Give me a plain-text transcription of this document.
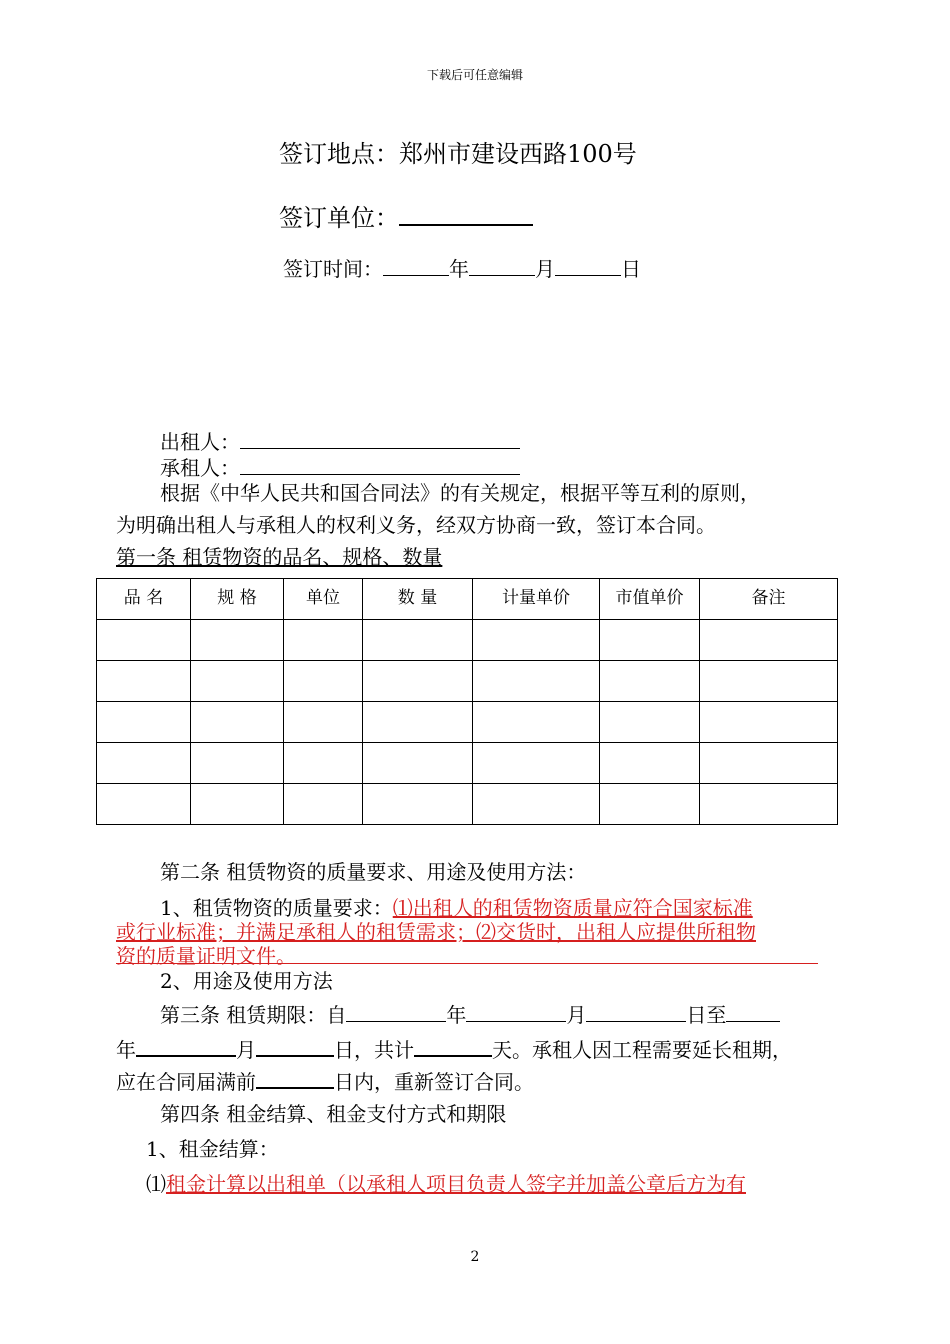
下载后可任意编辑
签订地点：郑州市建设西路100号
签订单位：
签订时间：	年	月	日
出租人：
承租人：
根据《中华人民共和国合同法》的有关规定，根据平等互利的原则，
为明确出租人与承租人的权利义务，经双方协商一致，签订本合同。
第一条 租赁物资的品名、规格、数量
品 名	规 格	单位	数 量	计量单价	市值单价	备注

第二条 租赁物资的质量要求、用途及使用方法：
1、租赁物资的质量要求：⑴出租人的租赁物资质量应符合国家标准
或行业标准；并满足承租人的租赁需求；⑵交货时，出租人应提供所租物
资的质量证明文件。
2、用途及使用方法
第三条 租赁期限：自	年	月	日至
年	月	日，共计	天。承租人因工程需要延长租期，
应在合同届满前	日内，重新签订合同。
第四条 租金结算、租金支付方式和期限
1、租金结算：
⑴租金计算以出租单（以承租人项目负责人签字并加盖公章后方为有
2
